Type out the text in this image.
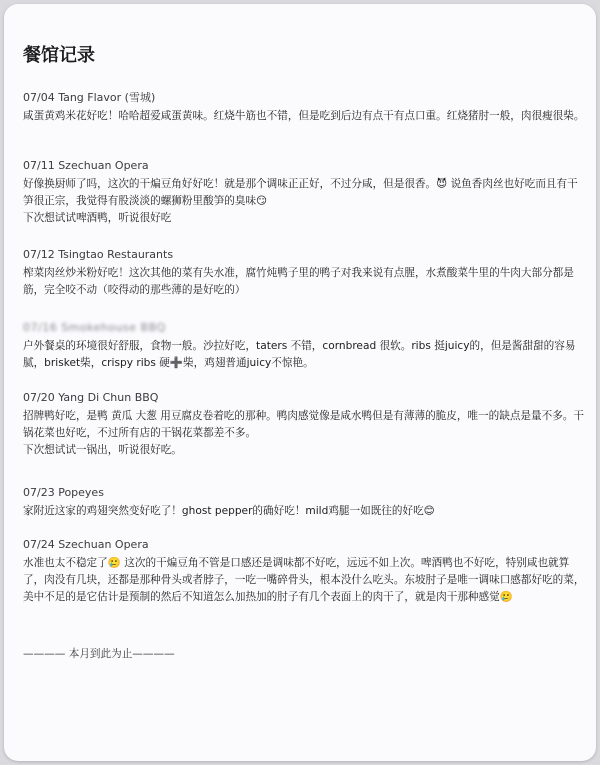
餐馆记录

07/04 Tang Flavor (雪城)

咸蛋黄鸡米花好吃！哈哈超爱咸蛋黄味。红烧牛筋也不错，但是吃到后边有点干有点口重。红烧猪肘一般，肉很瘦很柴。

07/11 Szechuan Opera

好像换厨师了吗，这次的干煸豆角好好吃！就是那个调味正正好，不过分咸，但是很香。😈 说鱼香肉丝也好吃而且有干笋很正宗，我觉得有股淡淡的螺狮粉里酸笋的臭味😏
下次想试试啤酒鸭，听说很好吃

07/12 Tsingtao Restaurants

榨菜肉丝炒米粉好吃！这次其他的菜有失水准，腐竹炖鸭子里的鸭子对我来说有点腥，水煮酸菜牛里的牛肉大部分都是筋，完全咬不动（咬得动的那些薄的是好吃的）

07/16 Smokehouse BBQ

户外餐桌的环境很好舒服，食物一般。沙拉好吃，taters 不错，cornbread 很软。ribs 挺juicy的，但是酱甜甜的容易腻，brisket柴，crispy ribs 硬➕柴，鸡翅普通juicy不惊艳。

07/20 Yang Di Chun BBQ

招牌鸭好吃，是鸭 黄瓜 大葱 用豆腐皮卷着吃的那种。鸭肉感觉像是咸水鸭但是有薄薄的脆皮，唯一的缺点是量不多。干锅花菜也好吃，不过所有店的干锅花菜都差不多。
下次想试试一锅出，听说很好吃。

07/23 Popeyes

家附近这家的鸡翅突然变好吃了！ghost pepper的确好吃！mild鸡腿一如既往的好吃😊

07/24 Szechuan Opera

水准也太不稳定了🥲 这次的干煸豆角不管是口感还是调味都不好吃，远远不如上次。啤酒鸭也不好吃，特别咸也就算了，肉没有几块，还都是那种骨头或者脖子，一吃一嘴碎骨头，根本没什么吃头。东坡肘子是唯一调味口感都好吃的菜，美中不足的是它估计是预制的然后不知道怎么加热加的肘子有几个表面上的肉干了，就是肉干那种感觉🥲

———— 本月到此为止————
